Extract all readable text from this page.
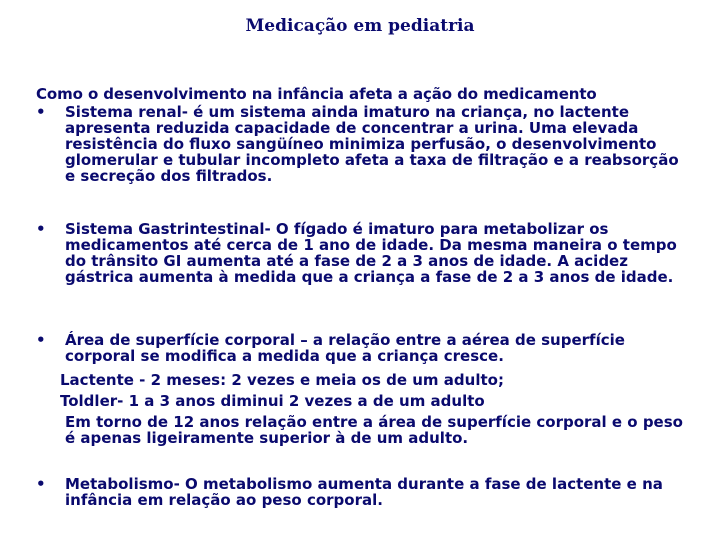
Medicação em pediatria
Como o desenvolvimento na infância afeta a ação do medicamento
•	Sistema renal- é um sistema ainda imaturo na criança, no lactente apresenta reduzida capacidade de concentrar a urina. Uma elevada resistência do fluxo sangüíneo minimiza perfusão, o desenvolvimento glomerular e tubular incompleto afeta a taxa de filtração e a reabsorção e secreção dos filtrados.
•	Sistema Gastrintestinal- O fígado é imaturo para metabolizar os medicamentos até cerca de 1 ano de idade. Da mesma maneira o tempo do trânsito GI aumenta até a fase de 2 a 3 anos de idade. A acidez gástrica aumenta à medida que a criança a fase de 2 a 3 anos de idade.
•	Área de superfície corporal – a relação entre a aérea de superfície corporal se modifica a medida que a criança cresce.
Lactente - 2 meses: 2 vezes e meia os de um adulto;
Toldler- 1 a 3 anos diminui 2 vezes a de um adulto
Em torno de 12 anos relação entre a área de superfície corporal e o peso é apenas ligeiramente superior à de um adulto.
•	Metabolismo- O metabolismo aumenta durante a fase de lactente e na infância em relação ao peso corporal.
